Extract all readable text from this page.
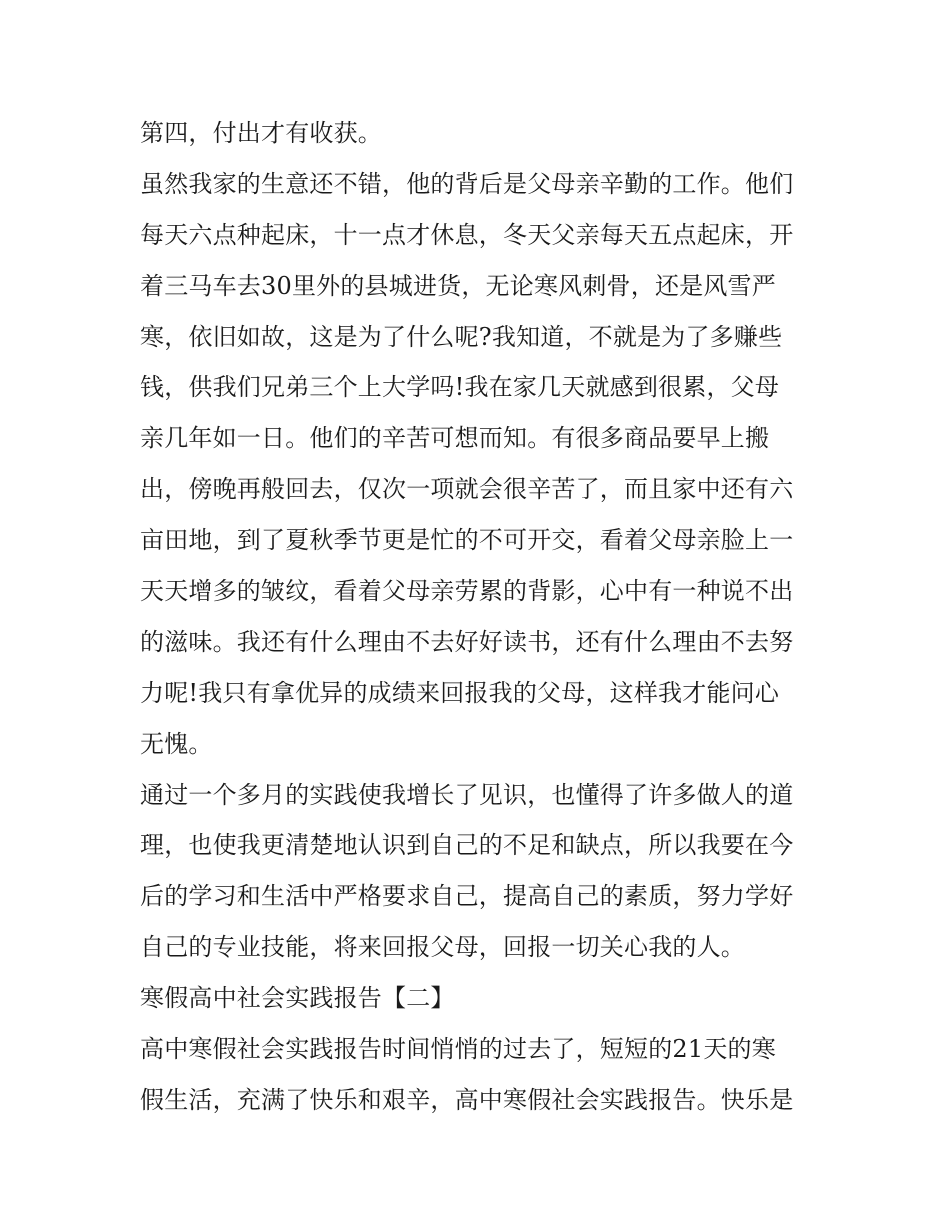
第四，付出才有收获。
虽然我家的生意还不错，他的背后是父母亲辛勤的工作。他们
每天六点种起床，十一点才休息，冬天父亲每天五点起床，开
着三马车去30里外的县城进货，无论寒风刺骨，还是风雪严
寒，依旧如故，这是为了什么呢?我知道，不就是为了多赚些
钱，供我们兄弟三个上大学吗!我在家几天就感到很累，父母
亲几年如一日。他们的辛苦可想而知。有很多商品要早上搬
出，傍晚再般回去，仅次一项就会很辛苦了，而且家中还有六
亩田地，到了夏秋季节更是忙的不可开交，看着父母亲脸上一
天天增多的皱纹，看着父母亲劳累的背影，心中有一种说不出
的滋味。我还有什么理由不去好好读书，还有什么理由不去努
力呢!我只有拿优异的成绩来回报我的父母，这样我才能问心
无愧。
通过一个多月的实践使我增长了见识，也懂得了许多做人的道
理，也使我更清楚地认识到自己的不足和缺点，所以我要在今
后的学习和生活中严格要求自己，提高自己的素质，努力学好
自己的专业技能，将来回报父母，回报一切关心我的人。
寒假高中社会实践报告【二】
高中寒假社会实践报告时间悄悄的过去了，短短的21天的寒
假生活，充满了快乐和艰辛，高中寒假社会实践报告。快乐是
